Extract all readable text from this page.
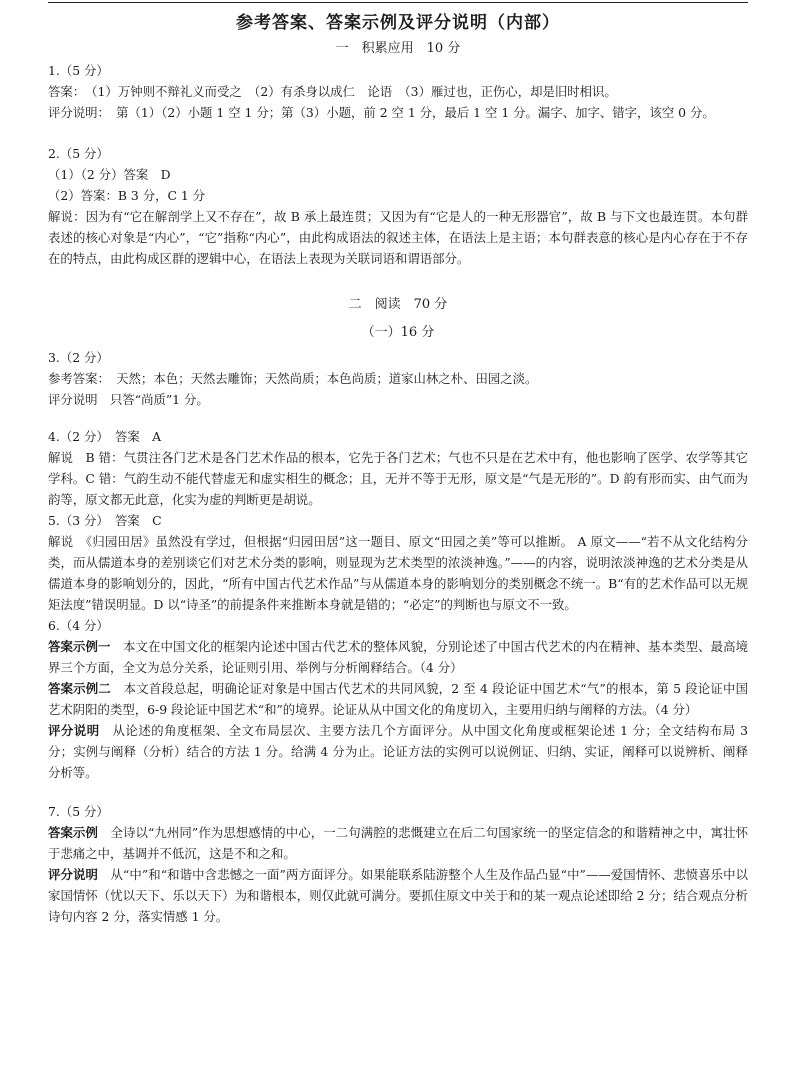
参考答案、答案示例及评分说明（内部）

一　积累应用　10 分

1.（5 分）

答案：　（1）万钟则不辩礼义而受之　（2）有杀身以成仁　论语　（3）雁过也，正伤心，却是旧时相识。

评分说明：　第（1）（2）小题 1 空 1 分；第（3）小题，前 2 空 1 分，最后 1 空 1 分。漏字、加字、错字，该空 0 分。

2.（5 分）

（1）（2 分）答案　D

（2）答案：B 3 分，C 1 分

解说：因为有“它在解剖学上又不存在”，故 B 承上最连贯；又因为有“它是人的一种无形器官”，故 B 与下文也最连贯。本句群表述的核心对象是“内心”，“它”指称“内心”，由此构成语法的叙述主体，在语法上是主语；本句群表意的核心是内心存在于不存在的特点，由此构成区群的逻辑中心，在语法上表现为关联词语和谓语部分。

二　阅读　70 分

（一）16 分

3.（2 分）

参考答案：　天然；本色；天然去雕饰；天然尚质；本色尚质；道家山林之朴、田园之淡。

评分说明　只答“尚质”1 分。

4.（2 分）　答案　A

解说　B 错：气贯注各门艺术是各门艺术作品的根本，它先于各门艺术；气也不只是在艺术中有，他也影响了医学、农学等其它学科。C 错：气韵生动不能代替虚无和虚实相生的概念；且，无并不等于无形，原文是“气是无形的”。D 韵有形而实、由气而为韵等，原文都无此意，化实为虚的判断更是胡说。

5.（3 分）　答案　C

解说　《归园田居》虽然没有学过，但根据“归园田居”这一题目、原文“田园之美”等可以推断。 A 原文——“若不从文化结构分类，而从儒道本身的差别谈它们对艺术分类的影响，则显现为艺术类型的浓淡神逸。”——的内容，说明浓淡神逸的艺术分类是从儒道本身的影响划分的，因此，“所有中国古代艺术作品”与从儒道本身的影响划分的类别概念不统一。B“有的艺术作品可以无规矩法度”错误明显。D 以“诗圣”的前提条件来推断本身就是错的；“必定”的判断也与原文不一致。

6.（4 分）

答案示例一　本文在中国文化的框架内论述中国古代艺术的整体风貌，分别论述了中国古代艺术的内在精神、基本类型、最高境界三个方面，全文为总分关系，论证则引用、举例与分析阐释结合。（4 分）

答案示例二　本文首段总起，明确论证对象是中国古代艺术的共同风貌，2 至 4 段论证中国艺术“气”的根本，第 5 段论证中国艺术阴阳的类型，6-9 段论证中国艺术“和”的境界。论证从从中国文化的角度切入，主要用归纳与阐释的方法。（4 分）

评分说明　从论述的角度框架、全文布局层次、主要方法几个方面评分。从中国文化角度或框架论述 1 分；全文结构布局 3 分；实例与阐释（分析）结合的方法 1 分。给满 4 分为止。论证方法的实例可以说例证、归纳、实证，阐释可以说辨析、阐释分析等。

7.（5 分）

答案示例　全诗以“九州同”作为思想感情的中心，一二句满腔的悲慨建立在后二句国家统一的坚定信念的和谐精神之中，寓壮怀于悲痛之中，基调并不低沉，这是不和之和。

评分说明　从“中”和“和谐中含悲憾之一面”两方面评分。如果能联系陆游整个人生及作品凸显“中”——爱国情怀、悲愤喜乐中以家国情怀（忧以天下、乐以天下）为和谐根本，则仅此就可满分。要抓住原文中关于和的某一观点论述即给 2 分；结合观点分析诗句内容 2 分，落实情感 1 分。
